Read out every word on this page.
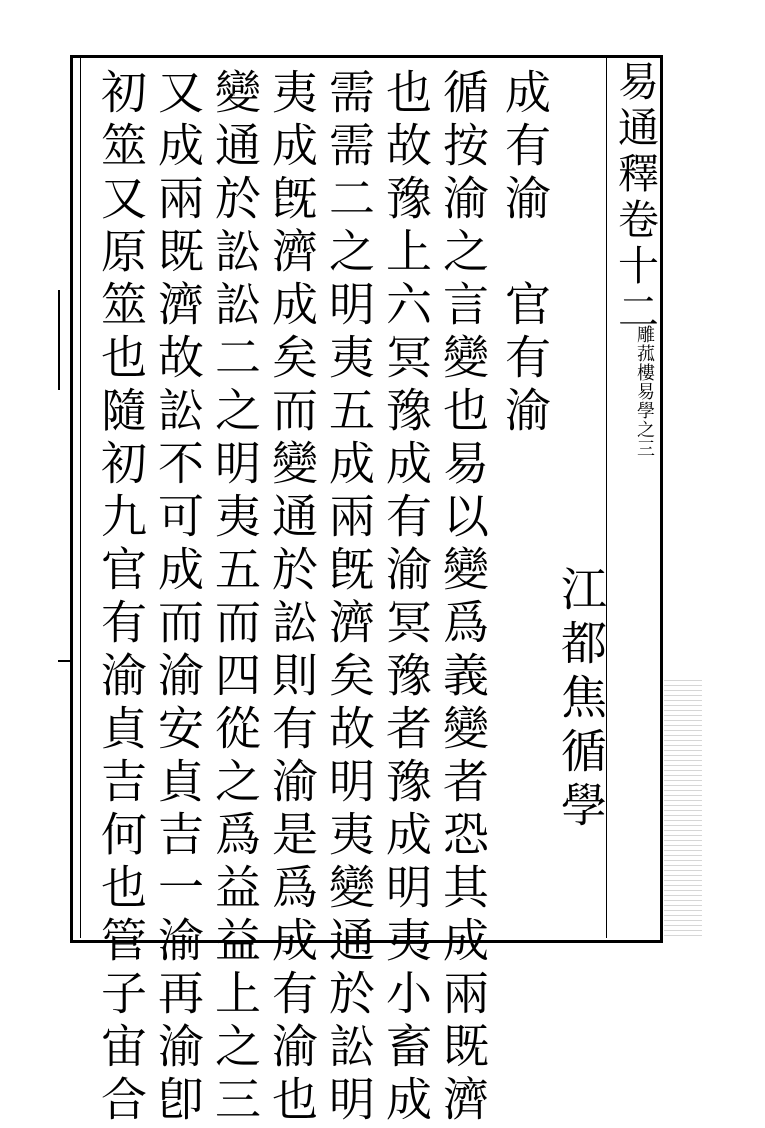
易通釋卷十二
雕菰樓易學之三
江都焦循學
成有渝　官有渝
循按渝之言變也易以變爲義變者恐其成兩既濟
也故豫上六冥豫成有渝冥豫者豫成明夷小畜成
需需二之明夷五成兩旣濟矣故明夷變通於訟明
夷成旣濟成矣而變通於訟則有渝是爲成有渝也
變通於訟訟二之明夷五而四從之爲益益上之三
又成兩既濟故訟不可成而渝安貞吉一渝再渝卽
初筮又原筮也隨初九官有渝貞吉何也管子宙合
